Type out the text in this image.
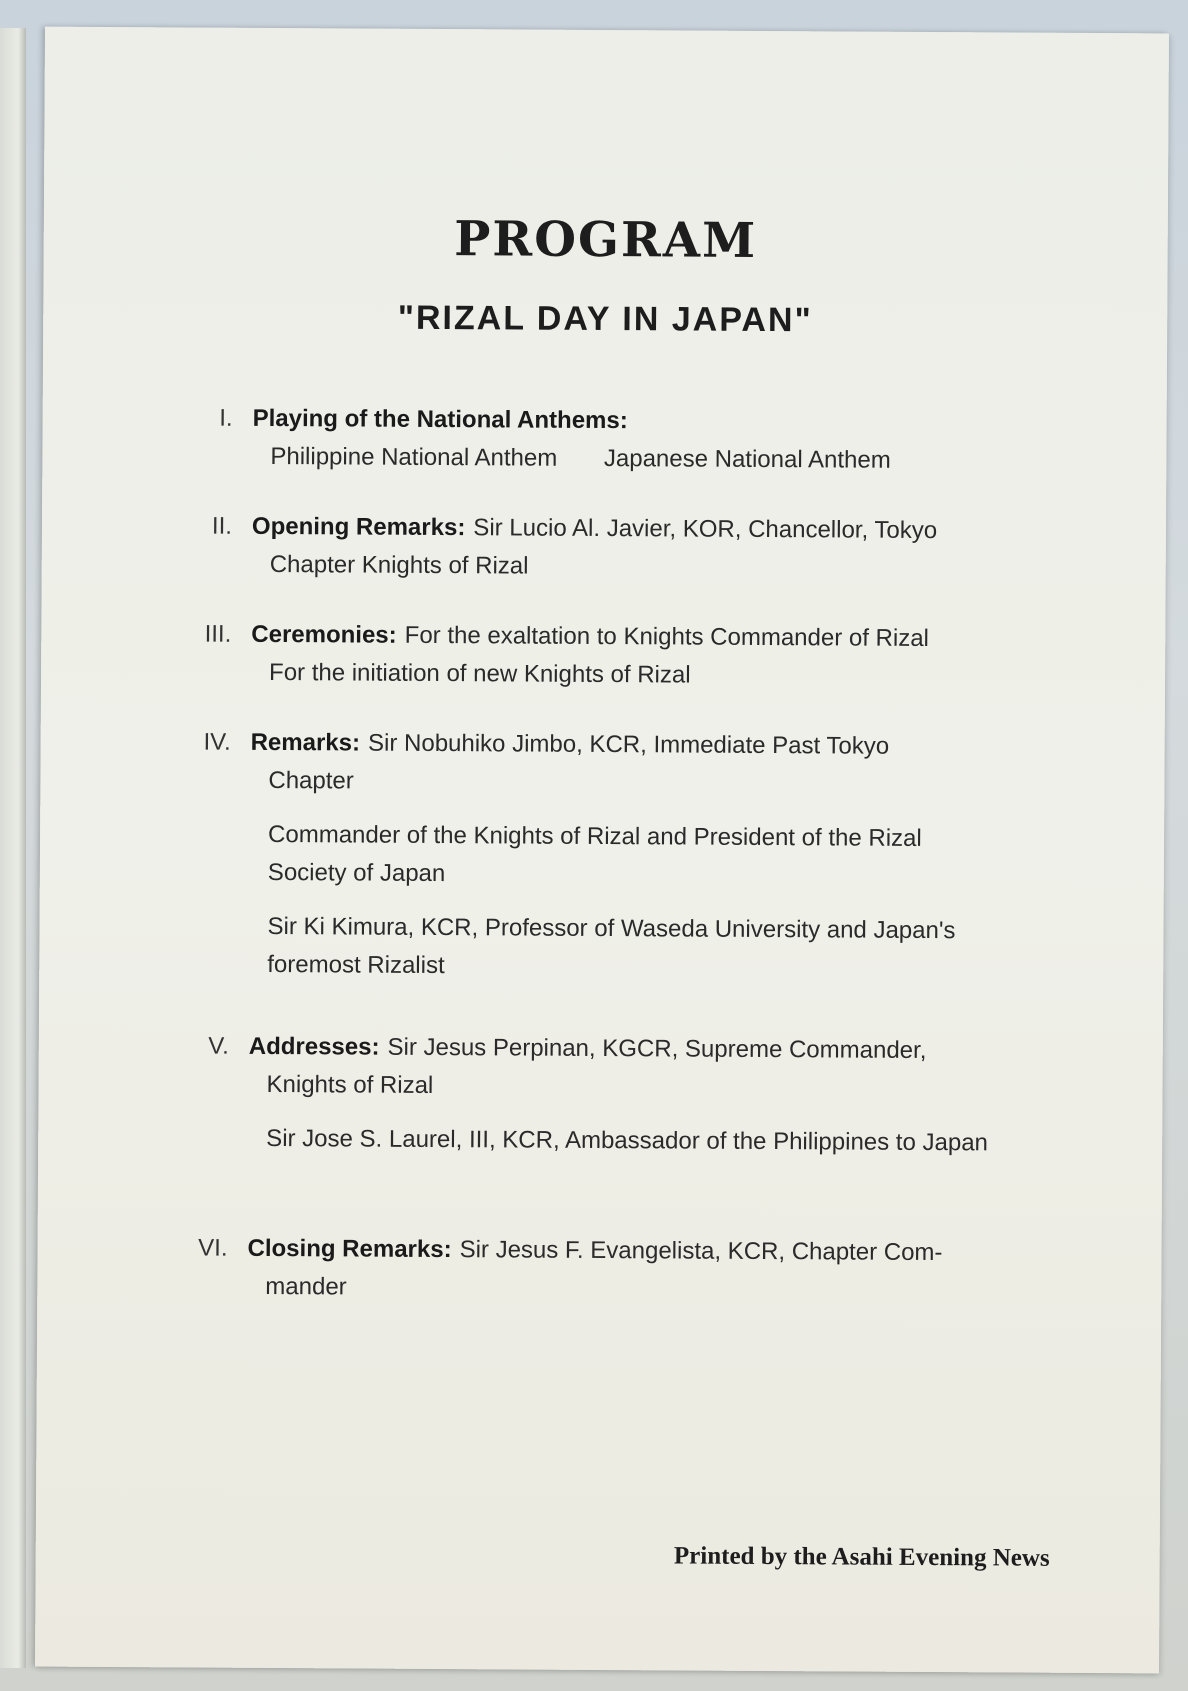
PROGRAM
"RIZAL DAY IN JAPAN"
I. Playing of the National Anthems:
Philippine National Anthem Japanese National Anthem
II. Opening Remarks: Sir Lucio Al. Javier, KOR, Chancellor, Tokyo
Chapter Knights of Rizal
III. Ceremonies: For the exaltation to Knights Commander of Rizal
For the initiation of new Knights of Rizal
IV. Remarks: Sir Nobuhiko Jimbo, KCR, Immediate Past Tokyo
Chapter
Commander of the Knights of Rizal and President of the Rizal Society of Japan
Sir Ki Kimura, KCR, Professor of Waseda University and Japan's foremost Rizalist
V. Addresses: Sir Jesus Perpinan, KGCR, Supreme Commander,
Knights of Rizal
Sir Jose S. Laurel, III, KCR, Ambassador of the Philippines to Japan
VI. Closing Remarks: Sir Jesus F. Evangelista, KCR, Chapter Com-
mander
Printed by the Asahi Evening News
